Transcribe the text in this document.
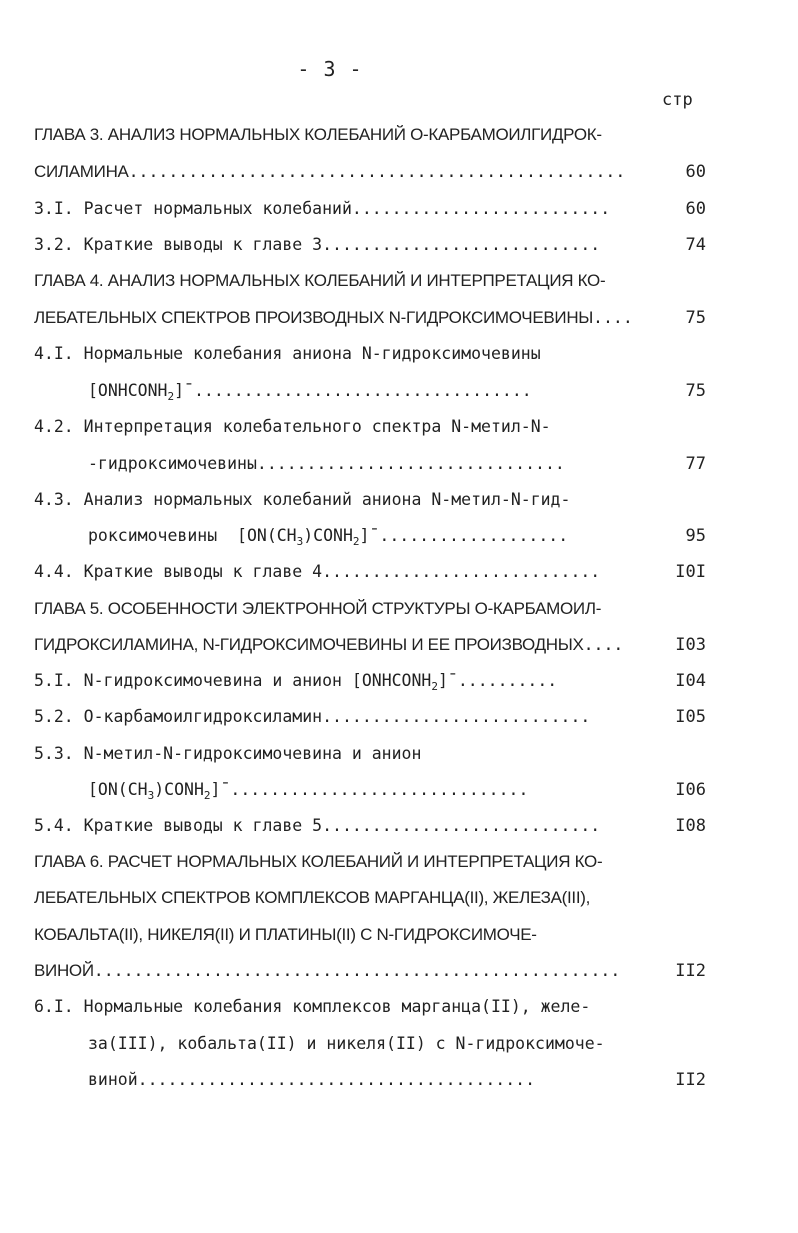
- 3 -
стр
ГЛАВА 3. АНАЛИЗ НОРМАЛЬНЫХ КОЛЕБАНИЙ О-КАРБАМОИЛГИДРОК-
СИЛАМИНА..................................................	60
3.I. Расчет нормальных колебаний..........................	60
3.2. Краткие выводы к главе 3............................	74
ГЛАВА 4. АНАЛИЗ НОРМАЛЬНЫХ КОЛЕБАНИЙ И ИНТЕРПРЕТАЦИЯ КО-
ЛЕБАТЕЛЬНЫХ СПЕКТРОВ ПРОИЗВОДНЫХ N-ГИДРОКСИМОЧЕВИНЫ....	75
4.I. Нормальные колебания аниона N-гидроксимочевины
$[ONHCONH_2]¯$..................................	75
4.2. Интерпретация колебательного спектра N-метил-N-
-гидроксимочевины...............................	77
4.3. Анализ нормальных колебаний аниона N-метил-N-гид-
роксимочевины $[ON(CH_3)CONH_2]¯$...................	95
4.4. Краткие выводы к главе 4............................	I0I
ГЛАВА 5. ОСОБЕННОСТИ ЭЛЕКТРОННОЙ СТРУКТУРЫ О-КАРБАМОИЛ-
ГИДРОКСИЛАМИНА, N-ГИДРОКСИМОЧЕВИНЫ И ЕЕ ПРОИЗВОДНЫХ....	I03
5.I. N-гидроксимочевина и анион $[ONHCONH_2]¯$..........	I04
5.2. О-карбамоилгидроксиламин...........................	I05
5.3. N-метил-N-гидроксимочевина и анион
$[ON(CH_3)CONH_2]¯$..............................	I06
5.4. Краткие выводы к главе 5............................	I08
ГЛАВА 6. РАСЧЕТ НОРМАЛЬНЫХ КОЛЕБАНИЙ И ИНТЕРПРЕТАЦИЯ КО-
ЛЕБАТЕЛЬНЫХ СПЕКТРОВ КОМПЛЕКСОВ МАРГАНЦА(II), ЖЕЛЕЗА(III),
КОБАЛЬТА(II), НИКЕЛЯ(II) И ПЛАТИНЫ(II) С N-ГИДРОКСИМОЧЕ-
ВИНОЙ.....................................................	II2
6.I. Нормальные колебания комплексов марганца(II), желе-
за(III), кобальта(II) и никеля(II) с N-гидроксимоче-
виной........................................	II2
